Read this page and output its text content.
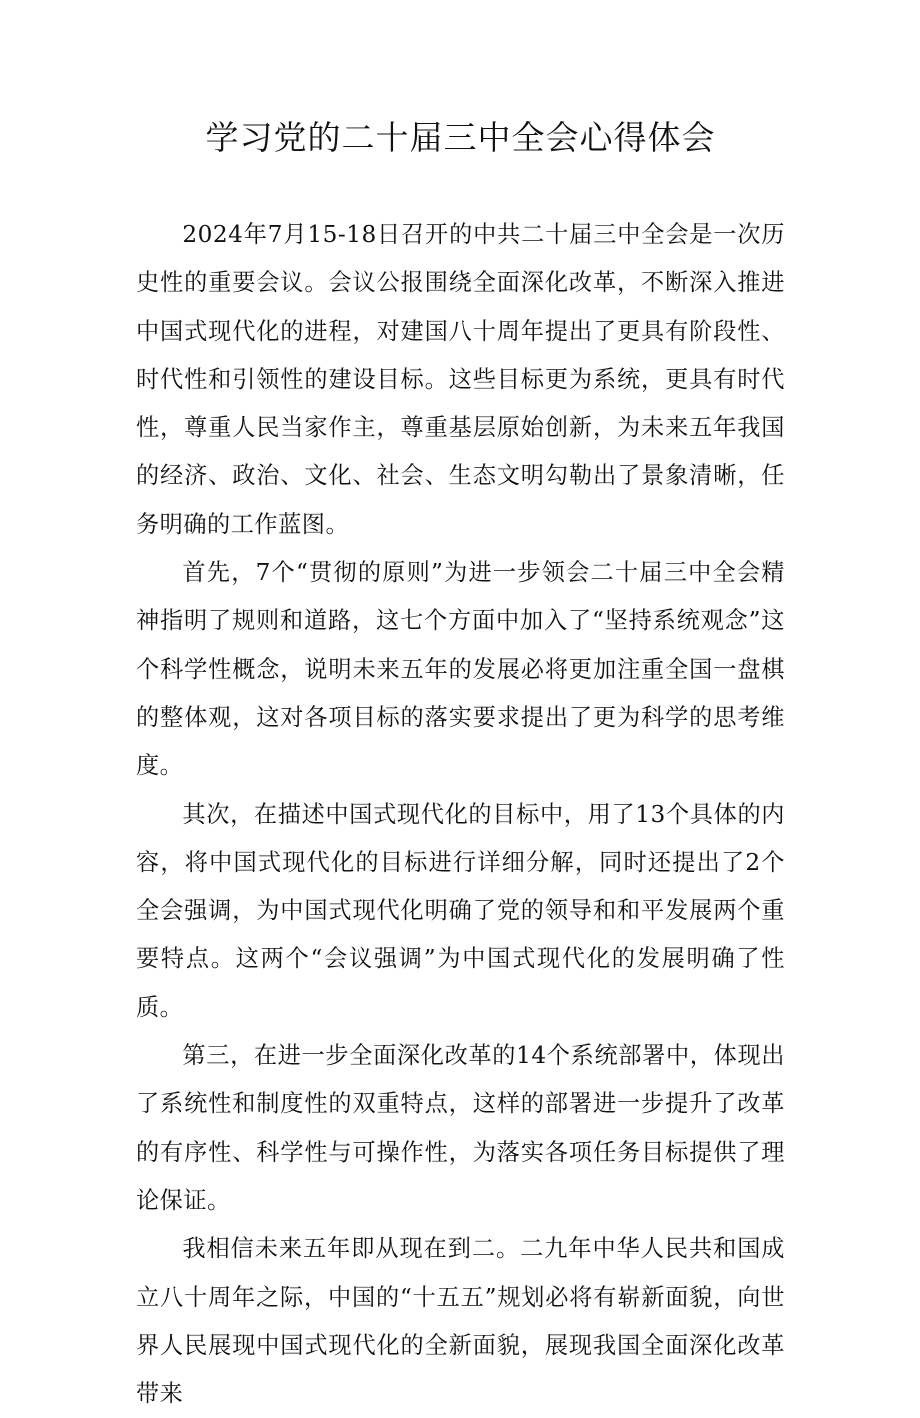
学习党的二十届三中全会心得体会

2024年7月15-18日召开的中共二十届三中全会是一次历史性的重要会议。会议公报围绕全面深化改革，不断深入推进中国式现代化的进程，对建国八十周年提出了更具有阶段性、时代性和引领性的建设目标。这些目标更为系统，更具有时代性，尊重人民当家作主，尊重基层原始创新，为未来五年我国的经济、政治、文化、社会、生态文明勾勒出了景象清晰，任务明确的工作蓝图。

首先，7个“贯彻的原则”为进一步领会二十届三中全会精神指明了规则和道路，这七个方面中加入了“坚持系统观念”这个科学性概念，说明未来五年的发展必将更加注重全国一盘棋的整体观，这对各项目标的落实要求提出了更为科学的思考维度。

其次，在描述中国式现代化的目标中，用了13个具体的内容，将中国式现代化的目标进行详细分解，同时还提出了2个全会强调，为中国式现代化明确了党的领导和和平发展两个重要特点。这两个“会议强调”为中国式现代化的发展明确了性质。

第三，在进一步全面深化改革的14个系统部署中，体现出了系统性和制度性的双重特点，这样的部署进一步提升了改革的有序性、科学性与可操作性，为落实各项任务目标提供了理论保证。

我相信未来五年即从现在到二。二九年中华人民共和国成立八十周年之际，中国的“十五五”规划必将有崭新面貌，向世界人民展现中国式现代化的全新面貌，展现我国全面深化改革带来
